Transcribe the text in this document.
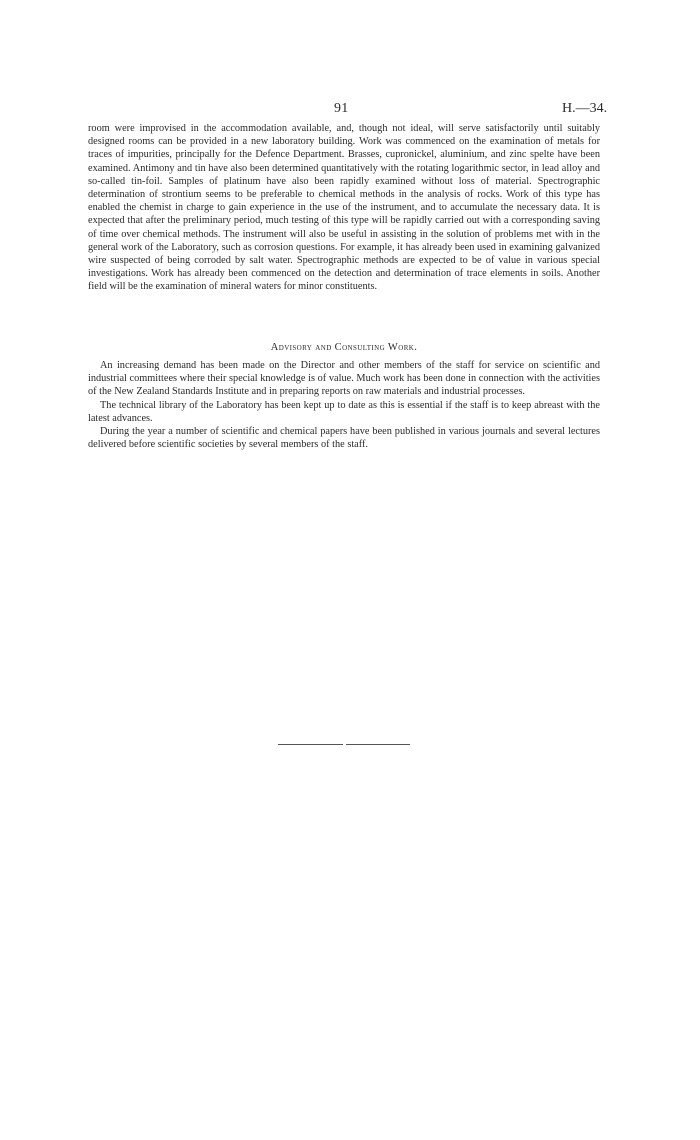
91	H.—34.

room were improvised in the accommodation available, and, though not ideal, will serve satisfactorily until suitably designed rooms can be provided in a new laboratory building. Work was commenced on the examination of metals for traces of impurities, principally for the Defence Department. Brasses, cupronickel, aluminium, and zinc spelte have been examined. Antimony and tin have also been determined quantitatively with the rotating logarithmic sector, in lead alloy and so-called tin-foil. Samples of platinum have also been rapidly examined without loss of material. Spectrographic determination of strontium seems to be preferable to chemical methods in the analysis of rocks. Work of this type has enabled the chemist in charge to gain experience in the use of the instrument, and to accumulate the necessary data. It is expected that after the preliminary period, much testing of this type will be rapidly carried out with a corresponding saving of time over chemical methods. The instrument will also be useful in assisting in the solution of problems met with in the general work of the Laboratory, such as corrosion questions. For example, it has already been used in examining galvanized wire suspected of being corroded by salt water. Spectrographic methods are expected to be of value in various special investigations. Work has already been commenced on the detection and determination of trace elements in soils. Another field will be the examination of mineral waters for minor constituents.

Advisory and Consulting Work.

An increasing demand has been made on the Director and other members of the staff for service on scientific and industrial committees where their special knowledge is of value. Much work has been done in connection with the activities of the New Zealand Standards Institute and in preparing reports on raw materials and industrial processes.

The technical library of the Laboratory has been kept up to date as this is essential if the staff is to keep abreast with the latest advances.

During the year a number of scientific and chemical papers have been published in various journals and several lectures delivered before scientific societies by several members of the staff.
